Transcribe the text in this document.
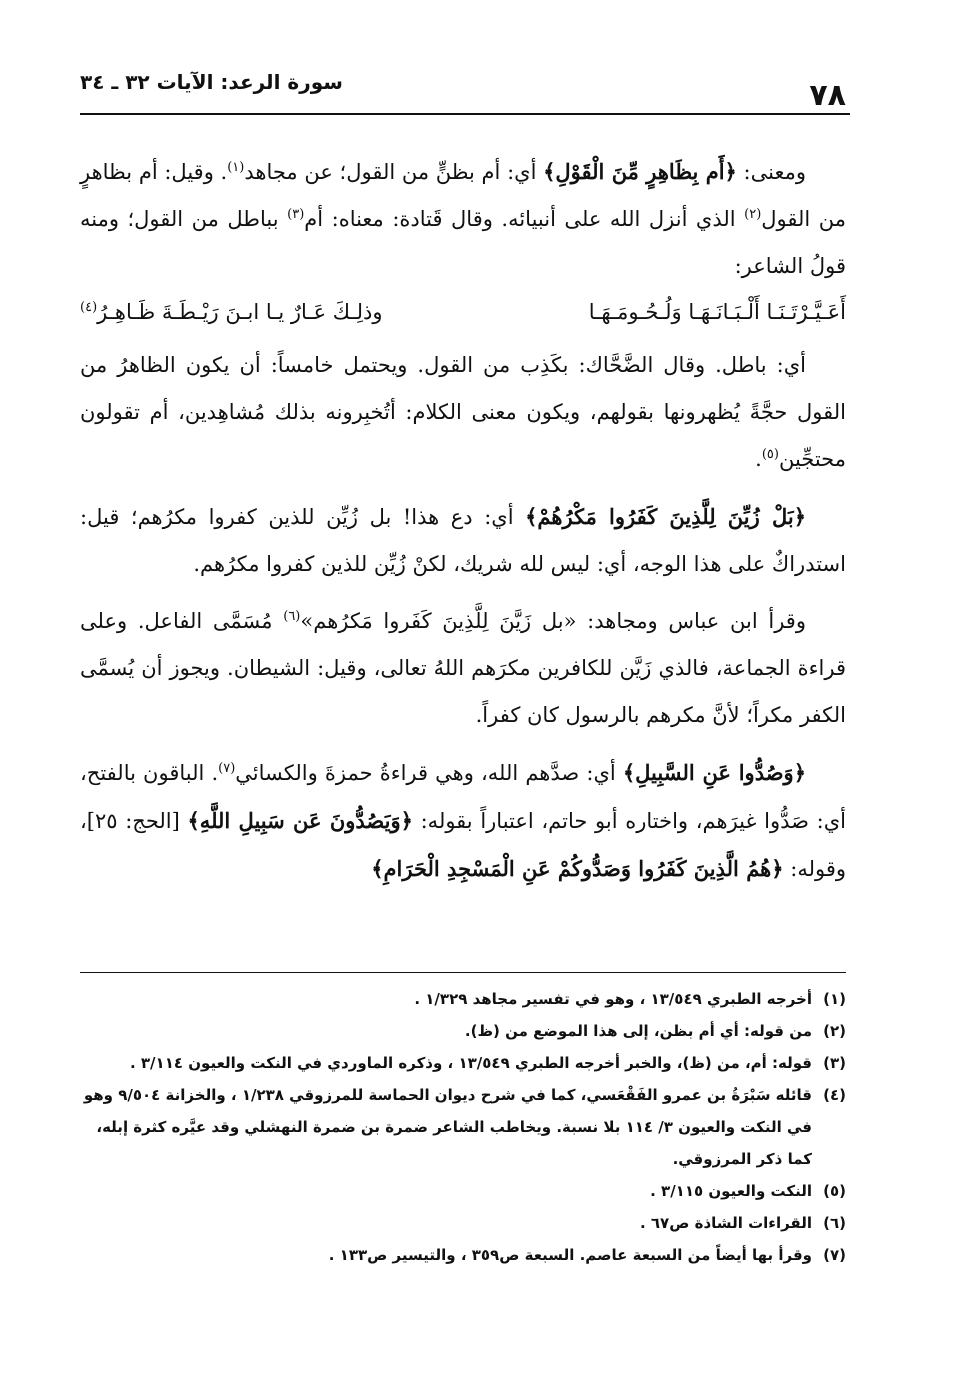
٧٨
سورة الرعد: الآيات ٣٢ ـ ٣٤

ومعنى: ﴿أَم بِظَاهِرٍ مِّنَ الْقَوْلِ﴾ أي: أم بظنٍّ من القول؛ عن مجاهد$^{(١)}$. وقيل: أم بظاهرٍ من القول$^{(٢)}$ الذي أنزل الله على أنبيائه. وقال قَتادة: معناه: أم$^{(٣)}$ بباطل من القول؛ ومنه قولُ الشاعر:

أَعَـيَّـرْتَـنَـا أَلْـبَـانَـهَـا وَلُـحُـومَـهَـا
وذلِـكَ عَـارٌ يـا ابـنَ رَيْـطَـةَ ظَـاهِـرُ$^{(٤)}$

أي: باطل. وقال الضَّحَّاك: بكَذِب من القول. ويحتمل خامساً: أن يكون الظاهرُ من القول حجَّةً يُظهرونها بقولهم، ويكون معنى الكلام: أتُخبِرونه بذلك مُشاهِدين، أم تقولون محتجِّين$^{(٥)}$.

﴿بَلْ زُيِّنَ لِلَّذِينَ كَفَرُوا مَكْرُهُمْ﴾ أي: دع هذا! بل زُيِّن للذين كفروا مكرُهم؛ قيل: استدراكٌ على هذا الوجه، أي: ليس لله شريك، لكنْ زُيِّن للذين كفروا مكرُهم.

وقرأ ابن عباس ومجاهد: «بل زَيَّنَ لِلَّذِينَ كَفَروا مَكرُهم»$^{(٦)}$ مُسَمَّى الفاعل. وعلى قراءة الجماعة، فالذي زَيَّن للكافرين مكرَهم اللهُ تعالى، وقيل: الشيطان. ويجوز أن يُسمَّى الكفر مكراً؛ لأنَّ مكرهم بالرسول كان كفراً.

﴿وَصُدُّوا عَنِ السَّبِيلِ﴾ أي: صدَّهم الله، وهي قراءةُ حمزةَ والكسائي$^{(٧)}$. الباقون بالفتح، أي: صَدُّوا غيرَهم، واختاره أبو حاتم، اعتباراً بقوله: ﴿وَيَصُدُّونَ عَن سَبِيلِ اللَّهِ﴾ [الحج: ٢٥]، وقوله: ﴿هُمُ الَّذِينَ كَفَرُوا وَصَدُّوكُمْ عَنِ الْمَسْجِدِ الْحَرَامِ﴾

(١)أخرجه الطبري ١٣/٥٤٩ ، وهو في تفسير مجاهد ١/٣٢٩ .

(٢)من قوله: أي أم بظن، إلى هذا الموضع من (ظ).

(٣)قوله: أم، من (ظ)، والخبر أخرجه الطبري ١٣/٥٤٩ ، وذكره الماوردي في النكت والعيون ٣/١١٤ .

(٤)قائله سَبْرَةُ بن عمرو الفَقْعَسي، كما في شرح ديوان الحماسة للمرزوقي ١/٢٣٨ ، والخزانة ٩/٥٠٤ وهو في النكت والعيون ٣/ ١١٤ بلا نسبة. ويخاطب الشاعر ضمرة بن ضمرة النهشلي وقد عيَّره كثرة إبله، كما ذكر المرزوقي.

(٥)النكت والعيون ٣/١١٥ .

(٦)القراءات الشاذة ص٦٧ .

(٧)وقرأ بها أيضاً من السبعة عاصم. السبعة ص٣٥٩ ، والتيسير ص١٣٣ .
